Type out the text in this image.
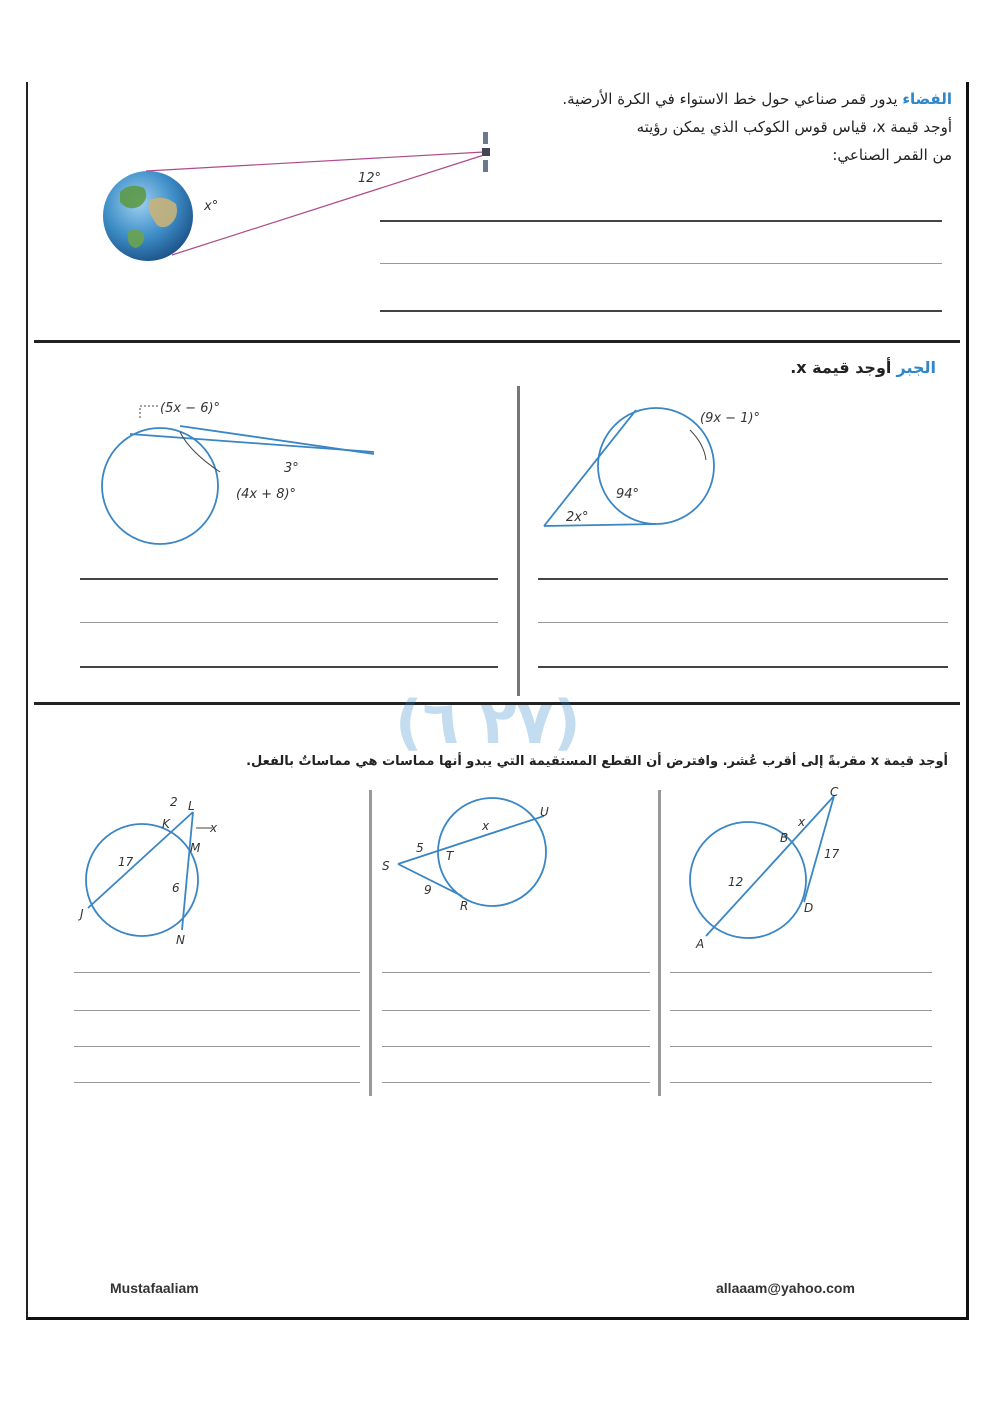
الفضاء يدور قمر صناعي حول خط الاستواء في الكرة الأرضية.
أوجد قيمة x، قياس قوس الكوكب الذي يمكن رؤيته
من القمر الصناعي:
12°
x°
الجبر أوجد قيمة x.
(5x − 6)°
3°
(4x + 8)°
(9x − 1)°
94°
2x°
(٢٧ ٦)
أوجد قيمة x مقربةً إلى أقرب عُشر. وافترض أن القطع المستقيمة التي يبدو أنها مماسات هي مماساتٌ بالفعل.
J
K
L
M
N
17
2
6
x
S
T
U
R
5
9
x
A
B
C
D
12
17
x
Mustafaaliam	allaaam@yahoo.com
